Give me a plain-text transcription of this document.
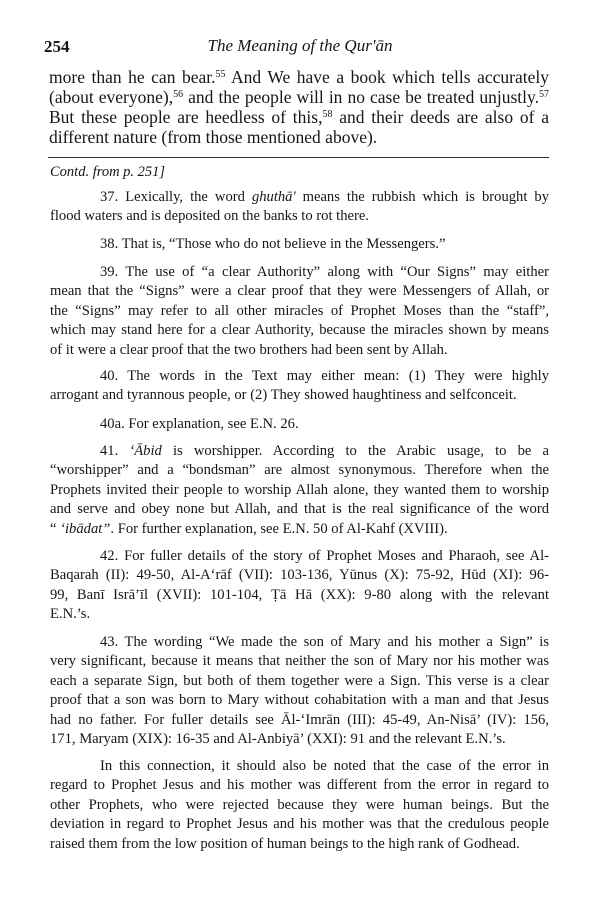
254	The Meaning of the Qur'ān
more than he can bear.$^{55}$ And We have a book which tells accurately
(about everyone),$^{56}$ and the people will in no case be treated unjustly.$^{57}$
But these people are heedless of this,$^{58}$ and their deeds are also of a
different nature (from those mentioned above).
Contd. from p. 251]
37. Lexically, the word ghuthā' means the rubbish which is brought by
flood waters and is deposited on the banks to rot there.
38. That is, “Those who do not believe in the Messengers.”
39. The use of “a clear Authority” along with “Our Signs” may either
mean that the “Signs” were a clear proof that they were Messengers of Allah, or
the “Signs” may refer to all other miracles of Prophet Moses than the “staff”,
which may stand here for a clear Authority, because the miracles shown by means
of it were a clear proof that the two brothers had been sent by Allah.
40. The words in the Text may either mean: (1) They were highly
arrogant and tyrannous people, or (2) They showed haughtiness and selfconceit.
40a. For explanation, see E.N. 26.
41. ‘Ābid is worshipper. According to the Arabic usage, to be a
“worshipper” and a “bondsman” are almost synonymous. Therefore when the
Prophets invited their people to worship Allah alone, they wanted them to worship
and serve and obey none but Allah, and that is the real significance of the word
“ ‘ibādat”. For further explanation, see E.N. 50 of Al-Kahf (XVIII).
42. For fuller details of the story of Prophet Moses and Pharaoh, see Al-
Baqarah (II): 49-50, Al-A‘rāf (VII): 103-136, Yūnus (X): 75-92, Hūd (XI): 96-
99, Banī Isrā’īl (XVII): 101-104, Ṭā Hā (XX): 9-80 along with the relevant
E.N.’s.
43. The wording “We made the son of Mary and his mother a Sign” is
very significant, because it means that neither the son of Mary nor his mother was
each a separate Sign, but both of them together were a Sign. This verse is a clear
proof that a son was born to Mary without cohabitation with a man and that Jesus
had no father. For fuller details see Āl-‘Imrān (III): 45-49, An-Nisā’ (IV): 156,
171, Maryam (XIX): 16-35 and Al-Anbiyā’ (XXI): 91 and the relevant E.N.’s.
In this connection, it should also be noted that the case of the error in
regard to Prophet Jesus and his mother was different from the error in regard to
other Prophets, who were rejected because they were human beings. But the
deviation in regard to Prophet Jesus and his mother was that the credulous people
raised them from the low position of human beings to the high rank of Godhead.
